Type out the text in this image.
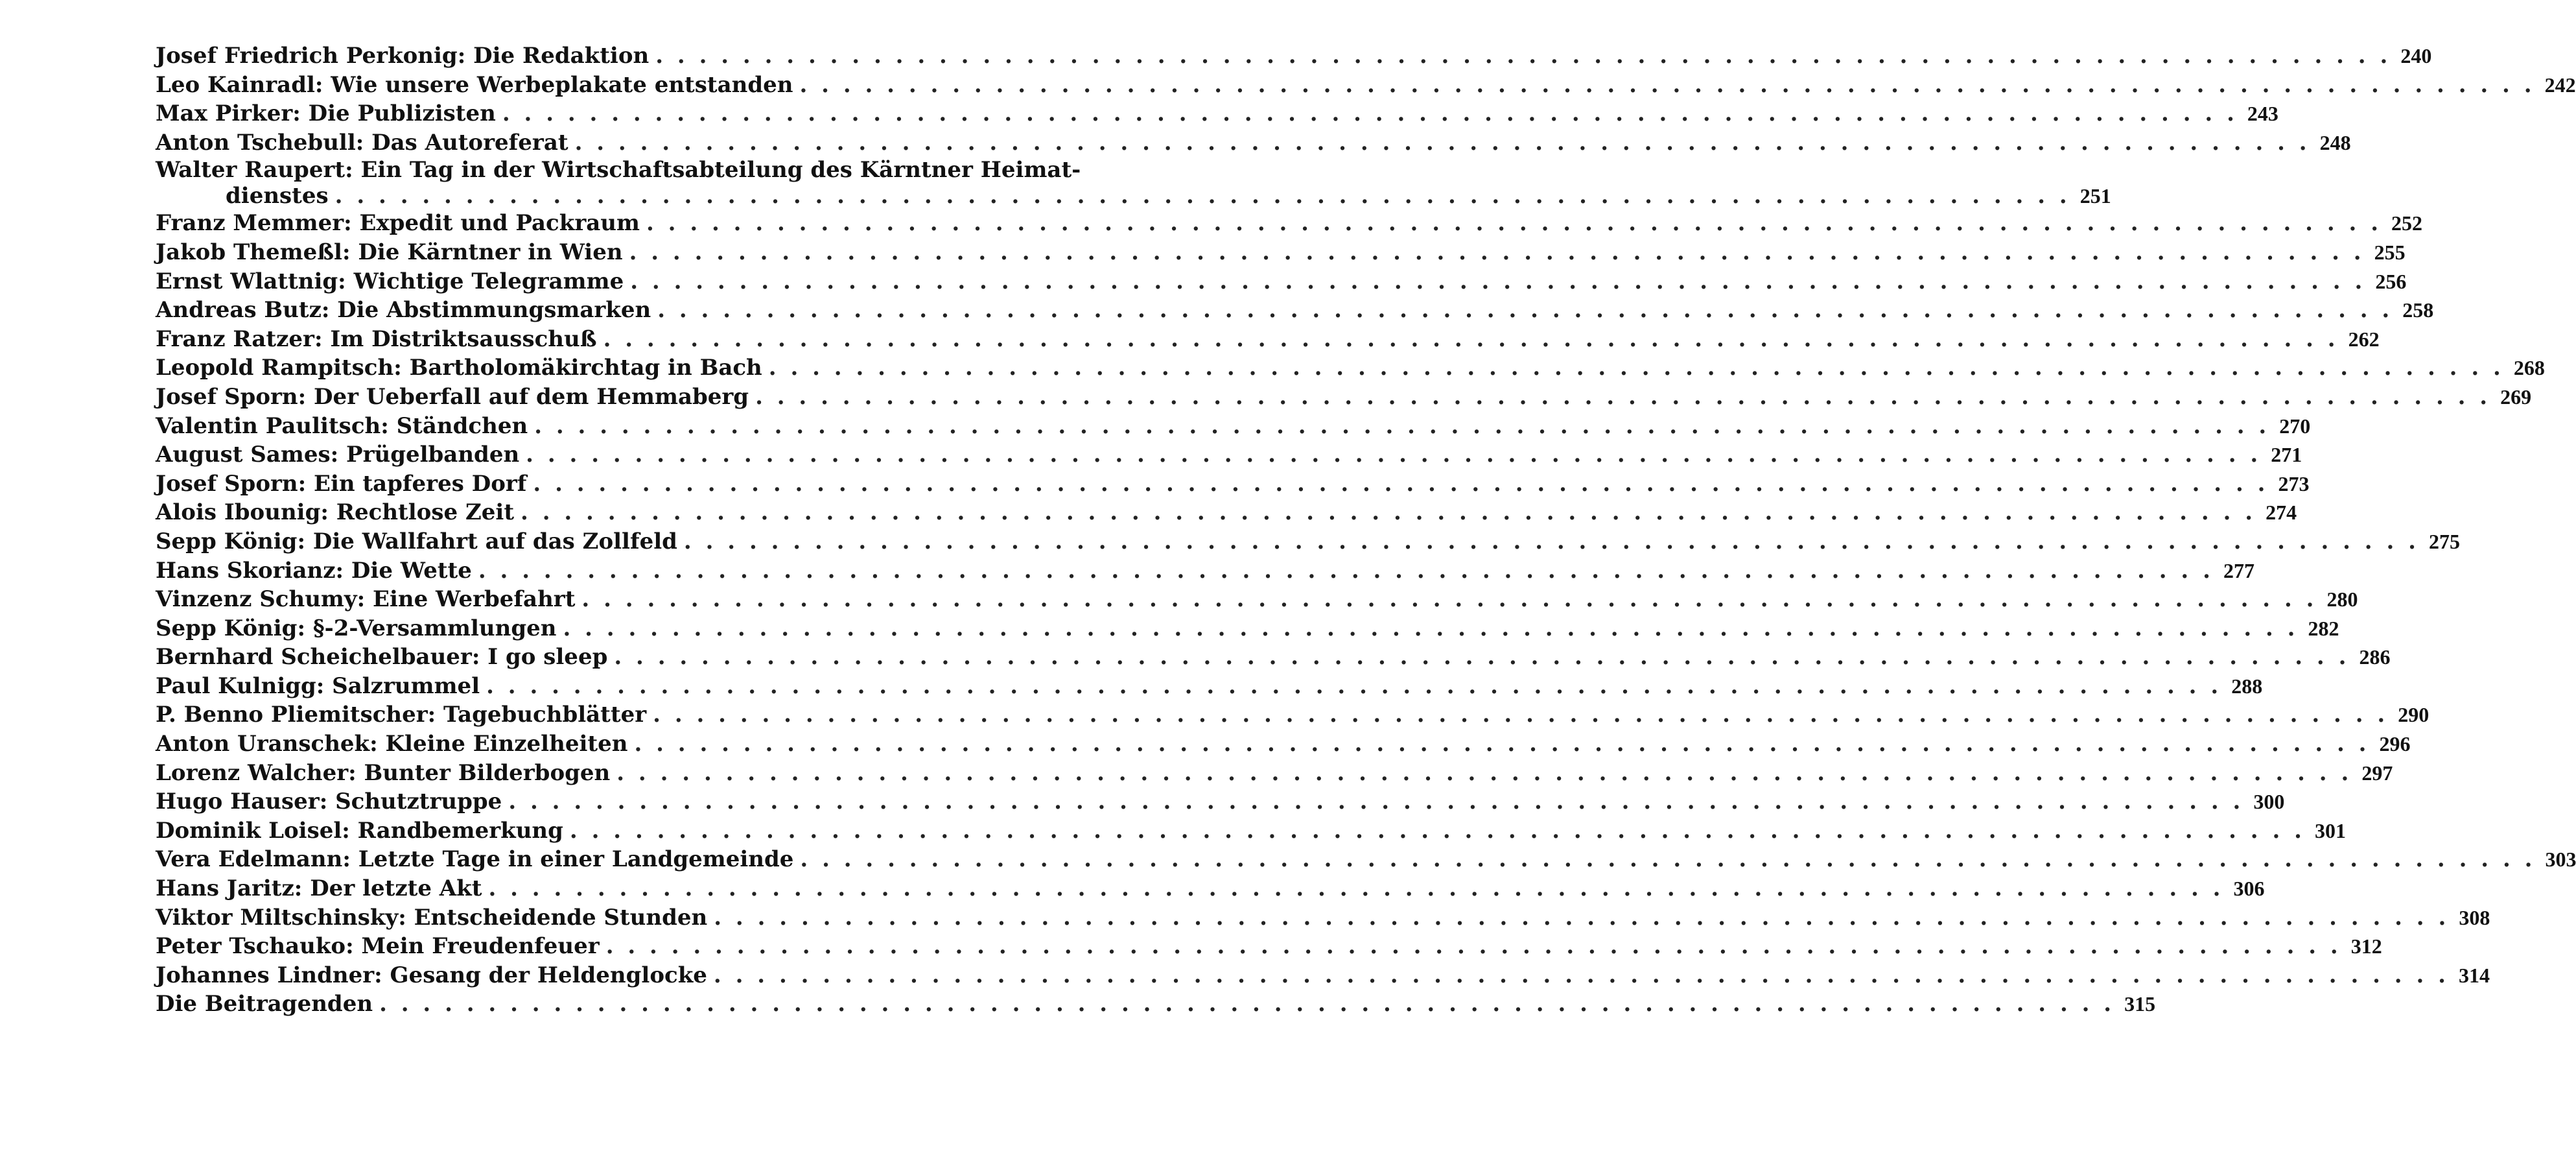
Josef Friedrich Perkonig: Die Redaktion . . .	240
Leo Kainradl: Wie unsere Werbeplakate entstanden . . .	242
Max Pirker: Die Publizisten . . .	243
Anton Tschebull: Das Autoreferat . . .	248
Walter Raupert: Ein Tag in der Wirtschaftsabteilung des Kärntner Heimat-
dienstes . . .	251
Franz Memmer: Expedit und Packraum . . .	252
Jakob Themeßl: Die Kärntner in Wien . . .	255
Ernst Wlattnig: Wichtige Telegramme . . .	256
Andreas Butz: Die Abstimmungsmarken . . .	258
Franz Ratzer: Im Distriktsausschuß . . .	262
Leopold Rampitsch: Bartholomäkirchtag in Bach . . .	268
Josef Sporn: Der Ueberfall auf dem Hemmaberg . . .	269
Valentin Paulitsch: Ständchen . . .	270
August Sames: Prügelbanden . . .	271
Josef Sporn: Ein tapferes Dorf . . .	273
Alois Ibounig: Rechtlose Zeit . . .	274
Sepp König: Die Wallfahrt auf das Zollfeld . . .	275
Hans Skorianz: Die Wette . . .	277
Vinzenz Schumy: Eine Werbefahrt . . .	280
Sepp König: §-2-Versammlungen . . .	282
Bernhard Scheichelbauer: I go sleep . . .	286
Paul Kulnigg: Salzrummel . . .	288
P. Benno Pliemitscher: Tagebuchblätter . . .	290
Anton Uranschek: Kleine Einzelheiten . . .	296
Lorenz Walcher: Bunter Bilderbogen . . .	297
Hugo Hauser: Schutztruppe . . .	300
Dominik Loisel: Randbemerkung . . .	301
Vera Edelmann: Letzte Tage in einer Landgemeinde . . .	303
Hans Jaritz: Der letzte Akt . . .	306
Viktor Miltschinsky: Entscheidende Stunden . . .	308
Peter Tschauko: Mein Freudenfeuer . . .	312
Johannes Lindner: Gesang der Heldenglocke . . .	314
Die Beitragenden . . .	315
